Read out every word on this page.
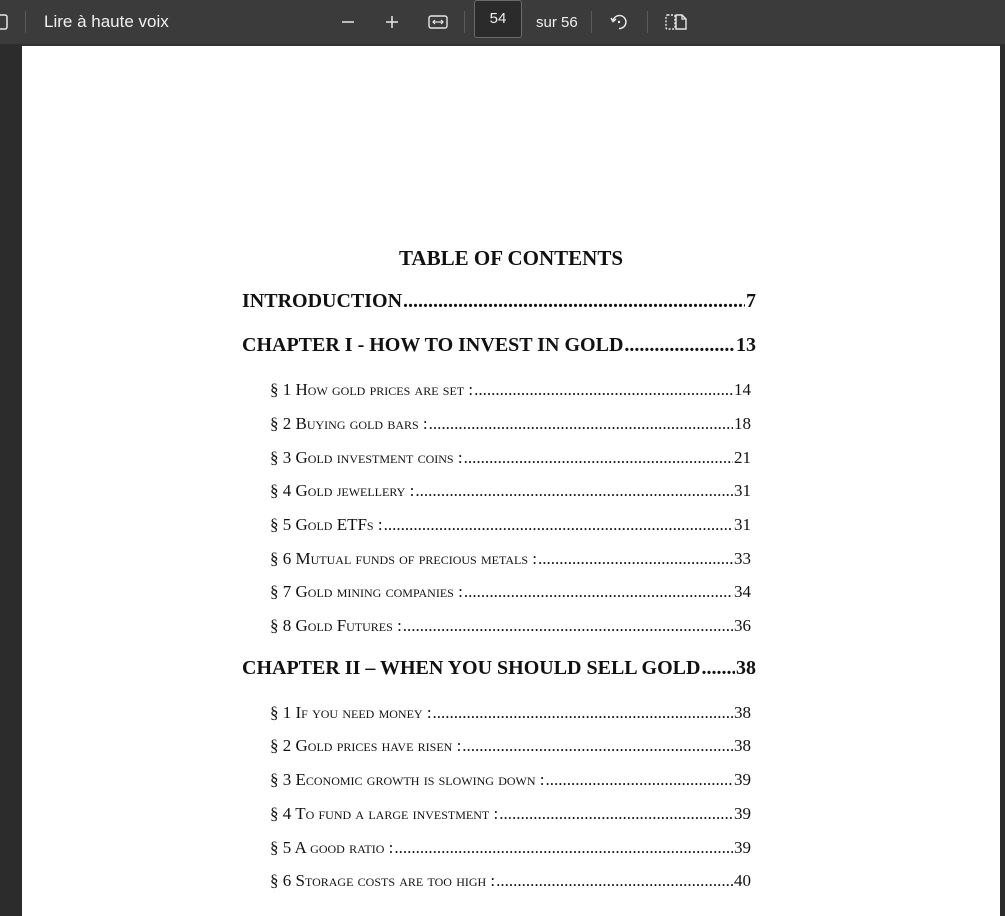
Lire à haute voix
54	sur 56
TABLE OF CONTENTS
INTRODUCTION .....	7
CHAPTER I - HOW TO INVEST IN GOLD .....	13
§ 1 How gold prices are set : .....	14
§ 2 Buying gold bars : .....	18
§ 3 Gold investment coins : .....	21
§ 4 Gold jewellery : .....	31
§ 5 Gold ETFs : .....	31
§ 6 Mutual funds of precious metals : .....	33
§ 7 Gold mining companies : .....	34
§ 8 Gold Futures : .....	36
CHAPTER II – WHEN YOU SHOULD SELL GOLD ..... 38
§ 1 If you need money : .....	38
§ 2 Gold prices have risen : .....	38
§ 3 Economic growth is slowing down : .....	39
§ 4 To fund a large investment : .....	39
§ 5 A good ratio : .....	39
§ 6 Storage costs are too high : .....	40
